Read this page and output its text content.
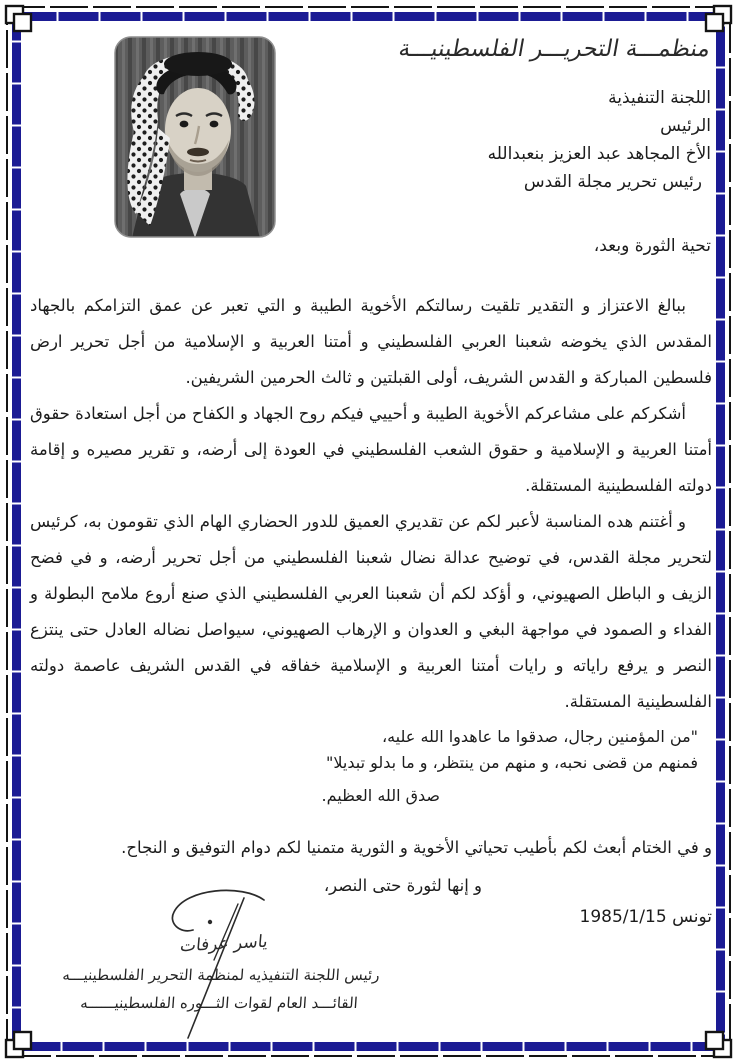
منظمـــة التحريـــر الفلسطينيـــة
اللجنة التنفيذية
الرئيس
الأخ المجاهد عبد العزيز بنعبدالله
رئيس تحرير مجلة القدس
تحية الثورة وبعد،

ببالغ الاعتزاز و التقدير تلقيت رسالتكم الأخوية الطيبة و التي تعبر عن عمق التزامكم بالجهاد المقدس الذي يخوضه شعبنا العربي الفلسطيني و أمتنا العربية و الإسلامية من أجل تحرير ارض فلسطين المباركة و القدس الشريف، أولى القبلتين و ثالث الحرمين الشريفين.

أشكركم على مشاعركم الأخوية الطيبة و أحييي فيكم روح الجهاد و الكفاح من أجل استعادة حقوق أمتنا العربية و الإسلامية و حقوق الشعب الفلسطيني في العودة إلى أرضه، و تقرير مصيره و إقامة دولته الفلسطينية المستقلة.

و أغتنم هده المناسبة لأعبر لكم عن تقديري العميق للدور الحضاري الهام الذي تقومون به، كرئيس لتحرير مجلة القدس، في توضيح عدالة نضال شعبنا الفلسطيني من أجل تحرير أرضه، و في فضح الزيف و الباطل الصهيوني، و أؤكد لكم أن شعبنا العربي الفلسطيني الذي صنع أروع ملامح البطولة و الفداء و الصمود في مواجهة البغي و العدوان و الإرهاب الصهيوني، سيواصل نضاله العادل حتى ينتزع النصر و يرفع راياته و رايات أمتنا العربية و الإسلامية خفاقه في القدس الشريف عاصمة دولته الفلسطينية المستقلة.

"من المؤمنين رجال، صدقوا ما عاهدوا الله عليه،
فمنهم من قضى نحبه، و منهم من ينتظر، و ما بدلو تبديلا"
صدق الله العظيم.
و في الختام أبعث لكم بأطيب تحياتي الأخوية و الثورية متمنيا لكم دوام التوفيق و النجاح.
و إنها لثورة حتى النصر،
تونس 1985/1/15
ياسر عرفات
رئيس اللجنة التنفيذيه لمنظمة التحرير الفلسطينيـــه
القائـــد العام لقوات الثـــوره الفلسطينيــــــه
